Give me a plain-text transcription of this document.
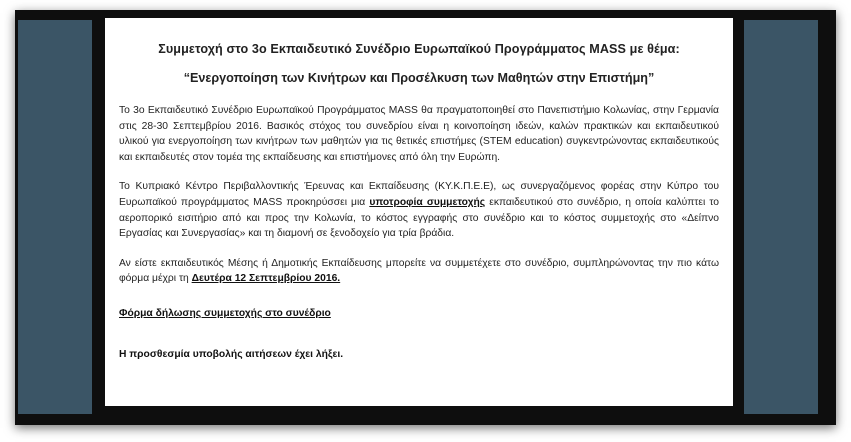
Συμμετοχή στο 3ο Εκπαιδευτικό Συνέδριο Ευρωπαϊκού Προγράμματος MASS με θέμα:
“Ενεργοποίηση των Κινήτρων και Προσέλκυση των Μαθητών στην Επιστήμη”

Το 3ο Εκπαιδευτικό Συνέδριο Ευρωπαϊκού Προγράμματος MASS θα πραγματοποιηθεί στο Πανεπιστήμιο Κολωνίας, στην Γερμανία στις 28-30 Σεπτεμβρίου 2016. Βασικός στόχος του συνεδρίου είναι η κοινοποίηση ιδεών, καλών πρακτικών και εκπαιδευτικού υλικού για ενεργοποίηση των κινήτρων των μαθητών για τις θετικές επιστήμες (STEM education) συγκεντρώνοντας εκπαιδευτικούς και εκπαιδευτές στον τομέα της εκπαίδευσης και επιστήμονες από όλη την Ευρώπη.

Το Κυπριακό Κέντρο Περιβαλλοντικής Έρευνας και Εκπαίδευσης (ΚΥ.Κ.Π.Ε.Ε), ως συνεργαζόμενος φορέας στην Κύπρο του Ευρωπαϊκού προγράμματος MASS προκηρύσσει μια υποτροφία συμμετοχής εκπαιδευτικού στο συνέδριο, η οποία καλύπτει το αεροπορικό εισιτήριο από και προς την Κολωνία, το κόστος εγγραφής στο συνέδριο και το κόστος συμμετοχής στο «Δείπνο Εργασίας και Συνεργασίας» και τη διαμονή σε ξενοδοχείο για τρία βράδια.

Αν είστε εκπαιδευτικός Μέσης ή Δημοτικής Εκπαίδευσης μπορείτε να συμμετέχετε στο συνέδριο, συμπληρώνοντας την πιο κάτω φόρμα μέχρι τη Δευτέρα 12 Σεπτεμβρίου 2016.

Φόρμα δήλωσης συμμετοχής στο συνέδριο

Η προσθεσμία υποβολής αιτήσεων έχει λήξει.
